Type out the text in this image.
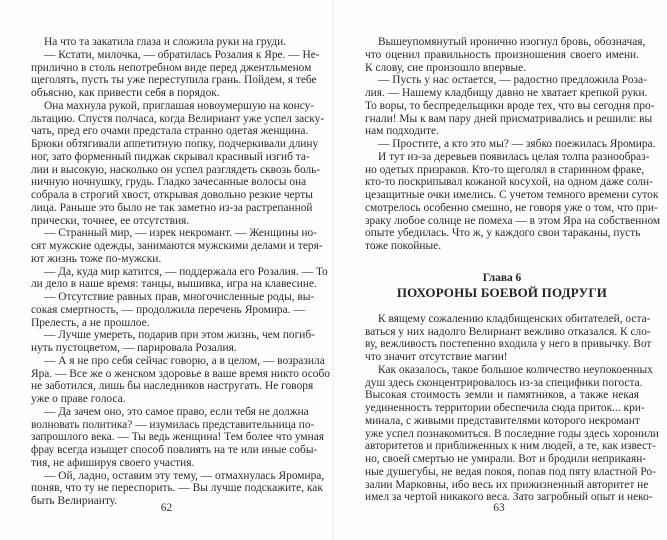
На что та закатила глаза и сложила руки на груди.
— Кстати, милочка, — обратилась Розалия к Яре. — Не-
прилично в столь непотребном виде перед джентльменом
щеголять, пусть ты уже переступила грань. Пойдем, я тебе
объясню, как привести себя в порядок.
Она махнула рукой, приглашая новоумершую на консу-
льтацию. Спустя полчаса, когда Велириант уже успел заску-
чать, пред его очами предстала странно одетая женщина.
Брюки обтягивали аппетитную попку, подчеркивали длину
ног, зато форменный пиджак скрывал красивый изгиб та-
лии и высокую, насколько он успел разглядеть сквозь боль-
ничную ночнушку, грудь. Гладко зачесанные волосы она
собрала в строгий хвост, открывая довольно резкие черты
лица. Раньше это было не так заметно из-за растрепанной
прически, точнее, ее отсутствия.
— Странный мир, — изрек некромант. — Женщины но-
сят мужские одежды, занимаются мужскими делами и теря-
ют жизнь тоже по-мужски.
— Да, куда мир катится, — поддержала его Розалия. — То
ли дело в наше время: танцы, вышивка, игра на клавесине.
— Отсутствие равных прав, многочисленные роды, вы-
сокая смертность, — продолжила перечень Яромира. —
Прелесть, а не прошлое.
— Лучше умереть, подарив при этом жизнь, чем погиб-
нуть пустоцветом, — парировала Розалия.
— А я не про себя сейчас говорю, а в целом, — возразила
Яра. — Все же о женском здоровье в ваше время никто особо
не заботился, лишь бы наследников настругать. Не говоря
уже о праве голоса.
— Да зачем оно, это самое право, если тебя не должна
волновать политика? — изумилась представительница по-
запрошлого века. — Ты ведь женщина! Тем более что умная
фрау всегда изыщет способ повлиять на те или иные собы-
тия, не афишируя своего участия.
— Ой, ладно, оставим эту тему, — отмахнулась Яромира,
поняв, что ту не переспорить. — Вы лучше подскажите, как
быть Велирианту.
62
Вышеупомянутый иронично изогнул бровь, обозначая,
что оценил правильность произношения своего имени.
К слову, сие произошло впервые.
— Пусть у нас остается, — радостно предложила Роза-
лия. — Нашему кладбищу давно не хватает крепкой руки.
То воры, то беспредельщики вроде тех, что вы сегодня про-
гнали! Мы к вам пару дней присматривались и решили: вы
нам подходите.
— Простите, а кто это мы? — зябко поежилась Яромира.
И тут из-за деревьев появилась целая толпа разнообраз-
но одетых призраков. Кто-то щеголял в старинном фраке,
кто-то поскрипывал кожаной косухой, на одном даже солн-
цезащитные очки имелись. С учетом темного времени суток
смотрелось особенно смешно, не говоря уже о том, что при-
зраку любое солнце не помеха — в этом Яра на собственном
опыте убедилась. Что ж, у каждого свои тараканы, пусть
тоже покойные.
Глава 6
ПОХОРОНЫ БОЕВОЙ ПОДРУГИ
К вящему сожалению кладбищенских обитателей, оста-
ваться у них надолго Велириант вежливо отказался. К сло-
ву, вежливость постепенно входила у него в привычку. Вот
что значит отсутствие магии!
Как оказалось, такое большое количество неупокоенных
душ здесь сконцентрировалось из-за специфики погоста.
Высокая стоимость земли и памятников, а также некая
уединенность территории обеспечила сюда приток... кри-
минала, с живыми представителями которого некромант
уже успел познакомиться. В последние годы здесь хоронили
авторитетов и приближенных к ним людей, а те, как извест-
но, своей смертью не умирали. Вот и бродили неприкаян-
ные душегубы, не ведая покоя, попав под пяту властной Ро-
залии Марковны, ибо весь их прижизненный авторитет не
имел за чертой никакого веса. Зато загробный опыт и неко-
63
